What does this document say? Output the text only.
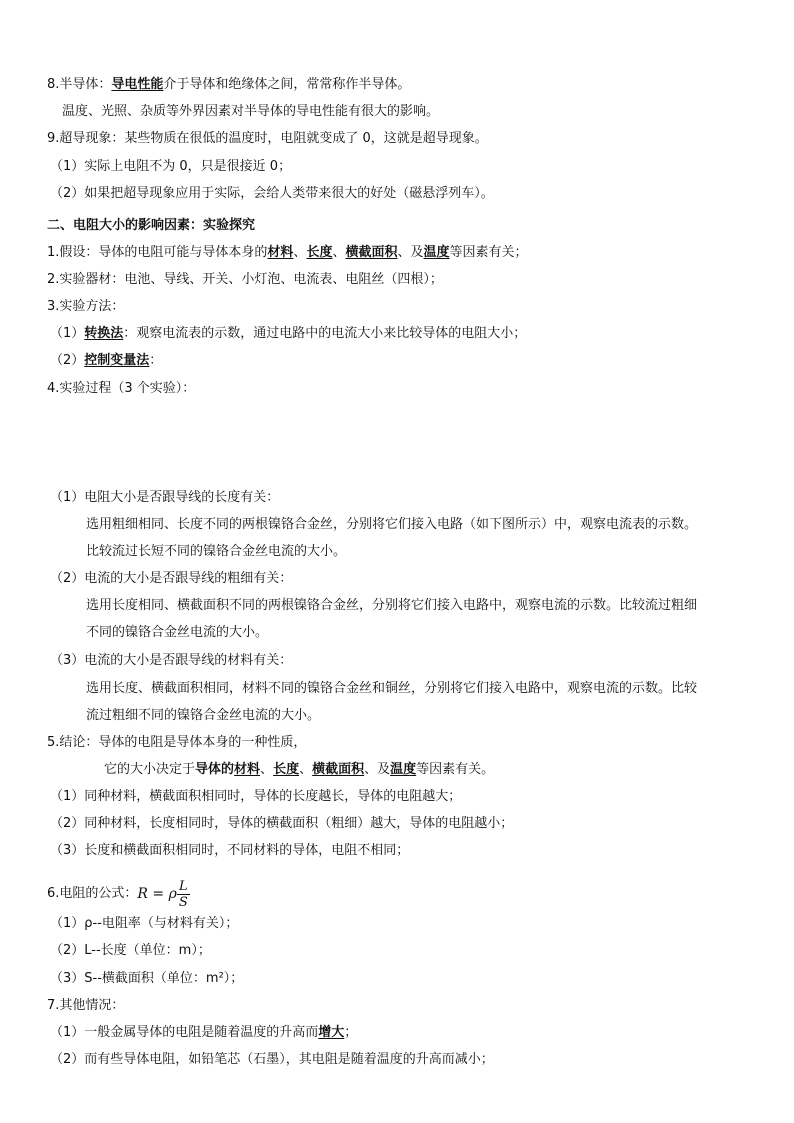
8.半导体：导电性能介于导体和绝缘体之间，常常称作半导体。
温度、光照、杂质等外界因素对半导体的导电性能有很大的影响。
9.超导现象：某些物质在很低的温度时，电阻就变成了 0，这就是超导现象。
（1）实际上电阻不为 0，只是很接近 0；
（2）如果把超导现象应用于实际，会给人类带来很大的好处（磁悬浮列车）。
二、电阻大小的影响因素：实验探究
1.假设：导体的电阻可能与导体本身的材料、长度、横截面积、及温度等因素有关；
2.实验器材：电池、导线、开关、小灯泡、电流表、电阻丝（四根）；
3.实验方法：
（1）转换法：观察电流表的示数，通过电路中的电流大小来比较导体的电阻大小；
（2）控制变量法：
4.实验过程（3 个实验）：
（1）电阻大小是否跟导线的长度有关：
选用粗细相同、长度不同的两根镍铬合金丝，分别将它们接入电路（如下图所示）中，观察电流表的示数。
比较流过长短不同的镍铬合金丝电流的大小。
（2）电流的大小是否跟导线的粗细有关：
选用长度相同、横截面积不同的两根镍铬合金丝，分别将它们接入电路中，观察电流的示数。比较流过粗细
不同的镍铬合金丝电流的大小。
（3）电流的大小是否跟导线的材料有关：
选用长度、横截面积相同，材料不同的镍铬合金丝和铜丝，分别将它们接入电路中，观察电流的示数。比较
流过粗细不同的镍铬合金丝电流的大小。
5.结论：导体的电阻是导体本身的一种性质，
它的大小决定于导体的材料、长度、横截面积、及温度等因素有关。
（1）同种材料，横截面积相同时，导体的长度越长，导体的电阻越大；
（2）同种材料，长度相同时，导体的横截面积（粗细）越大，导体的电阻越小；
（3）长度和横截面积相同时，不同材料的导体，电阻不相同；
6.电阻的公式： R = ρ $\frac{L}{S}$
（1）ρ--电阻率（与材料有关）；
（2）L--长度（单位：m）；
（3）S--横截面积（单位：m²）；
7.其他情况：
（1）一般金属导体的电阻是随着温度的升高而增大；
（2）而有些导体电阻，如铅笔芯（石墨），其电阻是随着温度的升高而减小；
